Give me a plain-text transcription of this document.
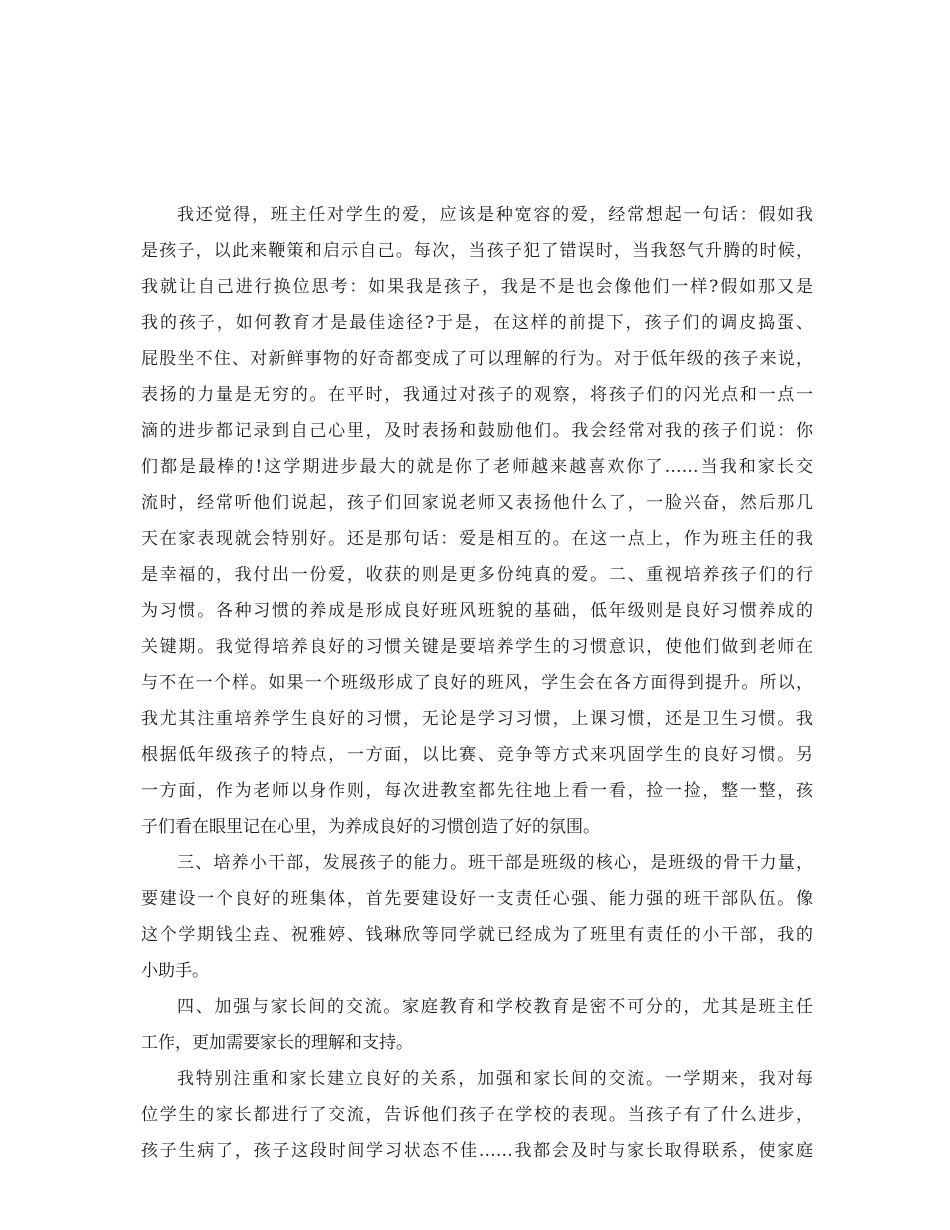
我还觉得，班主任对学生的爱，应该是种宽容的爱，经常想起一句话：假如我
是孩子，以此来鞭策和启示自己。每次，当孩子犯了错误时，当我怒气升腾的时候，
我就让自己进行换位思考：如果我是孩子，我是不是也会像他们一样?假如那又是
我的孩子，如何教育才是最佳途径?于是，在这样的前提下，孩子们的调皮捣蛋、
屁股坐不住、对新鲜事物的好奇都变成了可以理解的行为。对于低年级的孩子来说，
表扬的力量是无穷的。在平时，我通过对孩子的观察，将孩子们的闪光点和一点一
滴的进步都记录到自己心里，及时表扬和鼓励他们。我会经常对我的孩子们说：你
们都是最棒的!这学期进步最大的就是你了老师越来越喜欢你了……当我和家长交
流时，经常听他们说起，孩子们回家说老师又表扬他什么了，一脸兴奋，然后那几
天在家表现就会特别好。还是那句话：爱是相互的。在这一点上，作为班主任的我
是幸福的，我付出一份爱，收获的则是更多份纯真的爱。二、重视培养孩子们的行
为习惯。各种习惯的养成是形成良好班风班貌的基础，低年级则是良好习惯养成的
关键期。我觉得培养良好的习惯关键是要培养学生的习惯意识，使他们做到老师在
与不在一个样。如果一个班级形成了良好的班风，学生会在各方面得到提升。所以，
我尤其注重培养学生良好的习惯，无论是学习习惯，上课习惯，还是卫生习惯。我
根据低年级孩子的特点，一方面，以比赛、竞争等方式来巩固学生的良好习惯。另
一方面，作为老师以身作则，每次进教室都先往地上看一看，捡一捡，整一整，孩
子们看在眼里记在心里，为养成良好的习惯创造了好的氛围。
三、培养小干部，发展孩子的能力。班干部是班级的核心，是班级的骨干力量，
要建设一个良好的班集体，首先要建设好一支责任心强、能力强的班干部队伍。像
这个学期钱尘垚、祝雅婷、钱琳欣等同学就已经成为了班里有责任的小干部，我的
小助手。
四、加强与家长间的交流。家庭教育和学校教育是密不可分的，尤其是班主任
工作，更加需要家长的理解和支持。
我特别注重和家长建立良好的关系，加强和家长间的交流。一学期来，我对每
位学生的家长都进行了交流，告诉他们孩子在学校的表现。当孩子有了什么进步，
孩子生病了，孩子这段时间学习状态不佳……我都会及时与家长取得联系，使家庭
